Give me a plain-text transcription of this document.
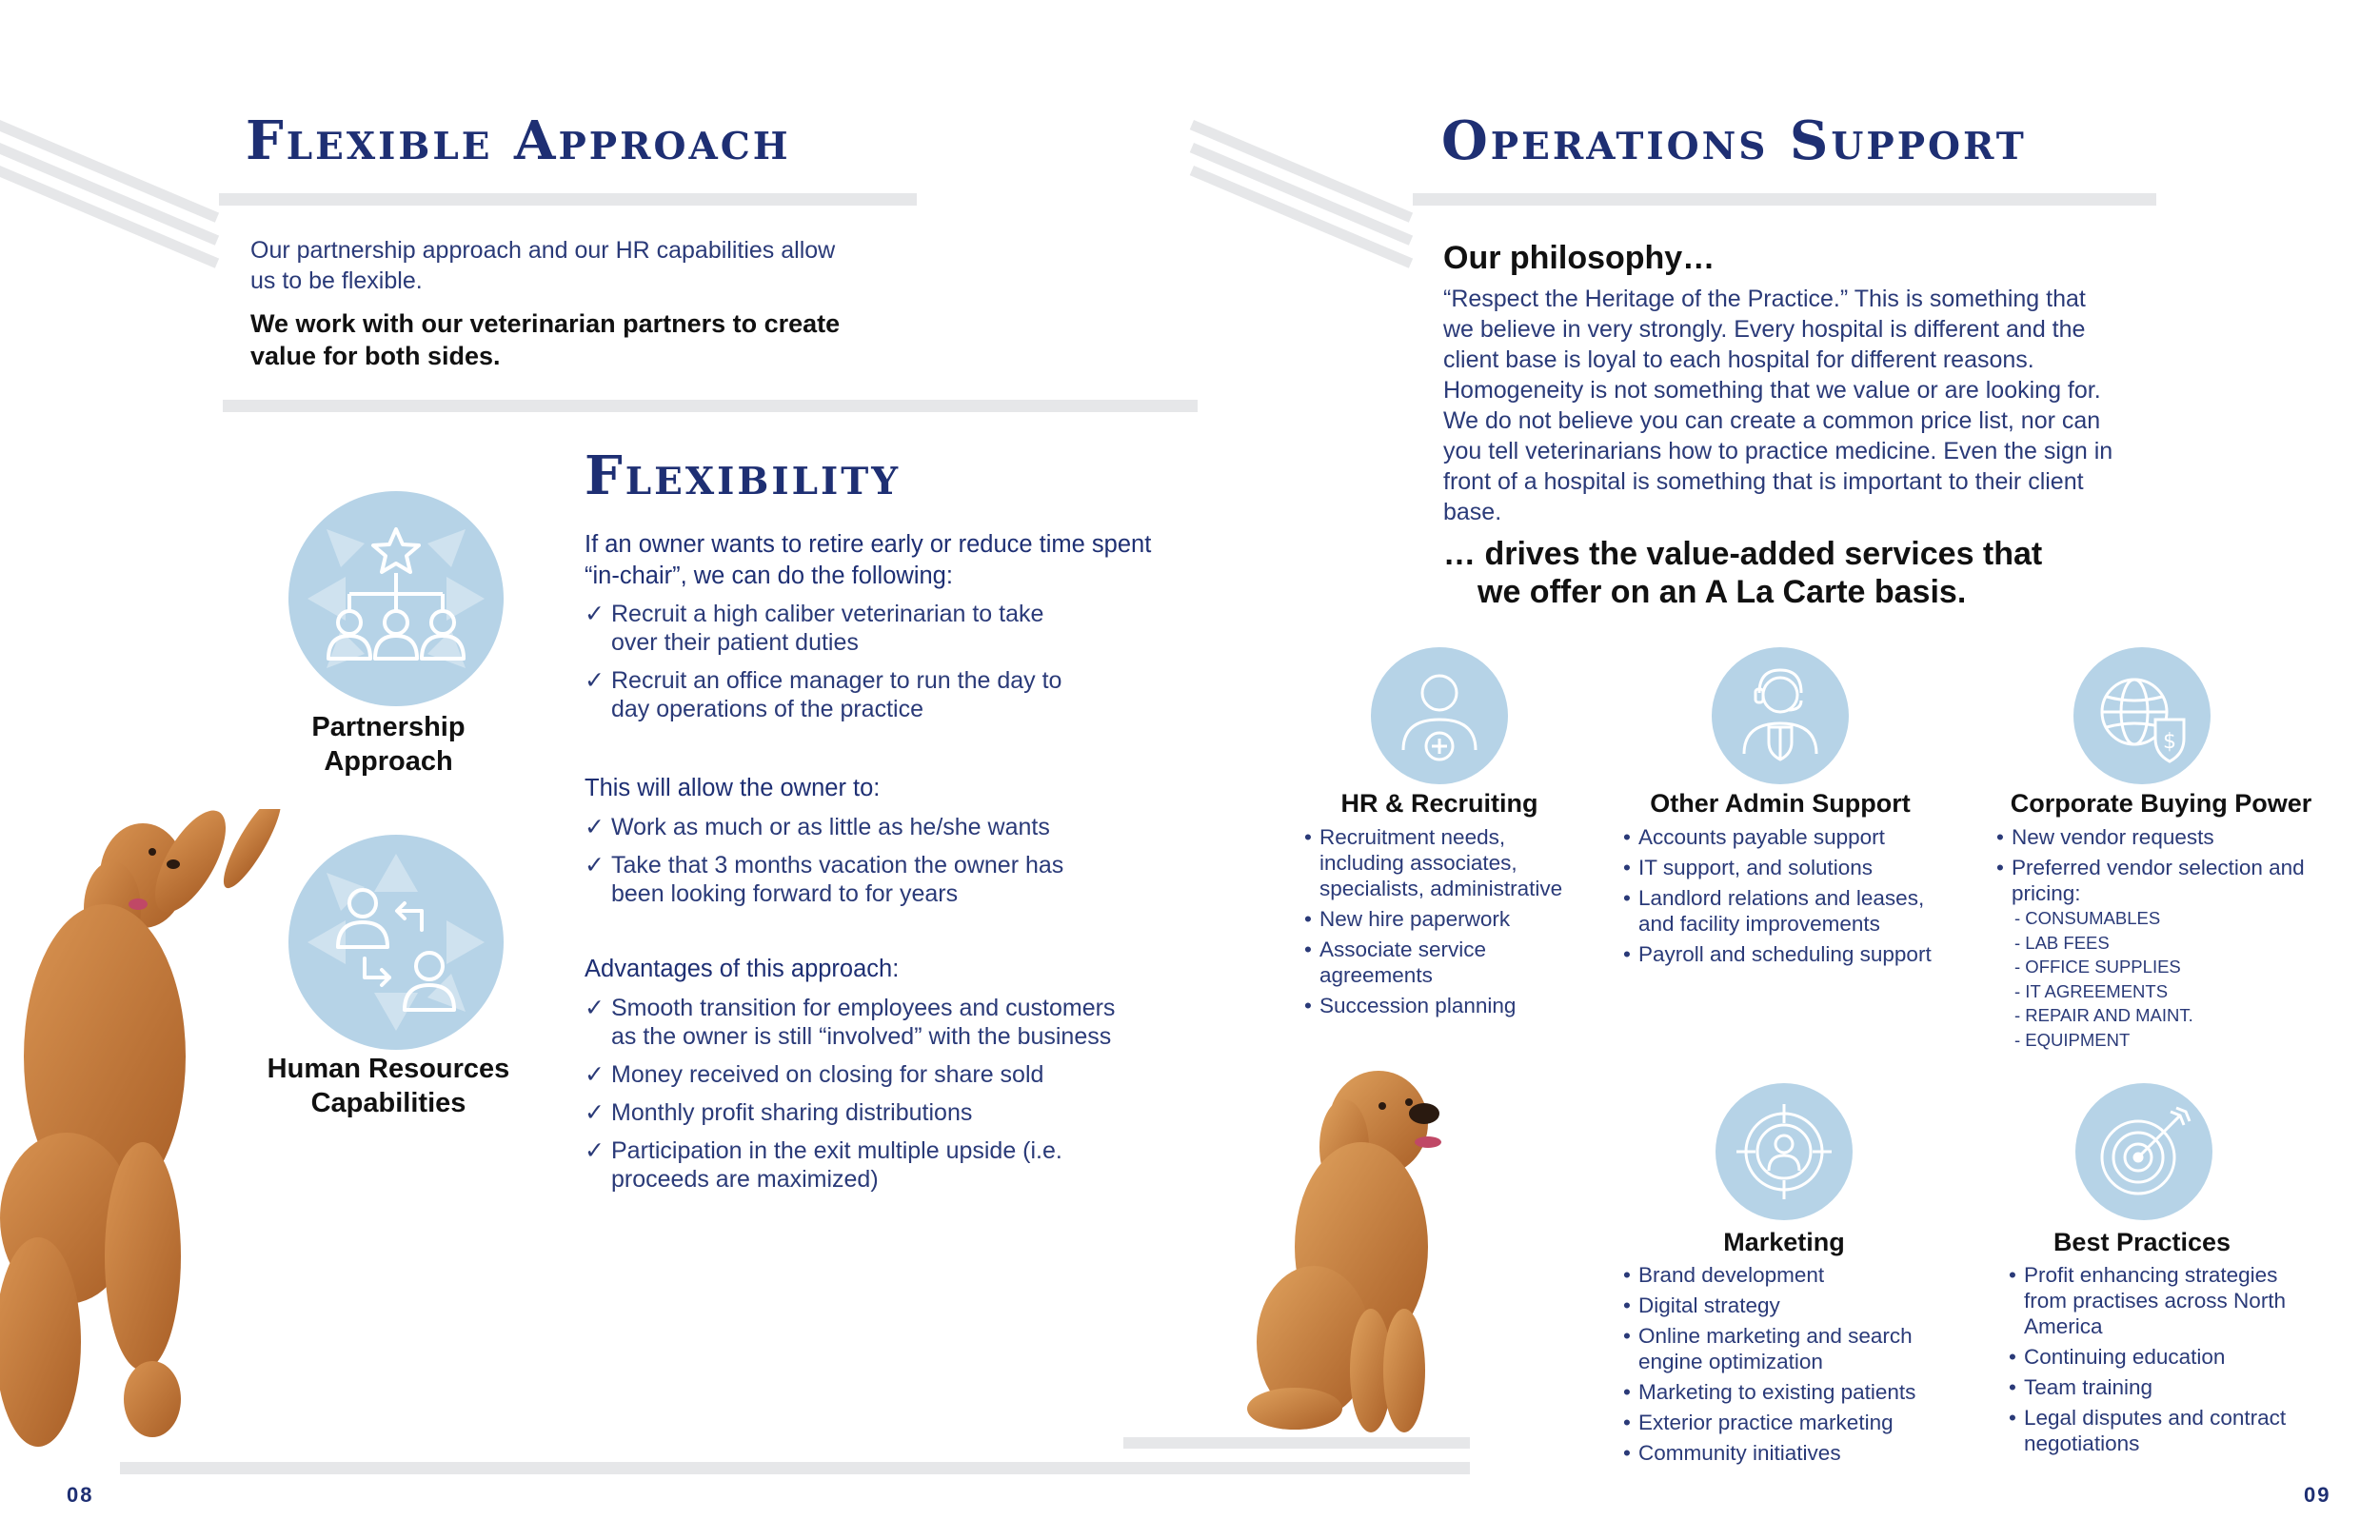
Flexible Approach
Our partnership approach and our HR capabilities allow us to be flexible.
We work with our veterinarian partners to create value for both sides.
Partnership
Approach
Human Resources
Capabilities
Flexibility
If an owner wants to retire early or reduce time spent “in-chair”, we can do the following:
✓ Recruit a high caliber veterinarian to take over their patient duties
✓ Recruit an office manager to run the day to day operations of the practice
This will allow the owner to:
✓ Work as much or as little as he/she wants
✓ Take that 3 months vacation the owner has been looking forward to for years
Advantages of this approach:
✓ Smooth transition for employees and customers as the owner is still “involved” with the business
✓ Money received on closing for share sold
✓ Monthly profit sharing distributions
✓ Participation in the exit multiple upside (i.e. proceeds are maximized)
08
Operations Support
Our philosophy…
“Respect the Heritage of the Practice.” This is something that we believe in very strongly. Every hospital is different and the client base is loyal to each hospital for different reasons. Homogeneity is not something that we value or are looking for. We do not believe you can create a common price list, nor can you tell veterinarians how to practice medicine. Even the sign in front of a hospital is something that is important to their client base.
… drives the value-added services that
we offer on an A La Carte basis.
HR & Recruiting
• Recruitment needs, including associates, specialists, administrative
• New hire paperwork
• Associate service agreements
• Succession planning
Other Admin Support
• Accounts payable support
• IT support, and solutions
• Landlord relations and leases, and facility improvements
• Payroll and scheduling support
$
Corporate Buying Power
• New vendor requests
• Preferred vendor selection and pricing:
- CONSUMABLES
- LAB FEES
- OFFICE SUPPLIES
- IT AGREEMENTS
- REPAIR AND MAINT.
- EQUIPMENT
Marketing
• Brand development
• Digital strategy
• Online marketing and search engine optimization
• Marketing to existing patients
• Exterior practice marketing
• Community initiatives
Best Practices
• Profit enhancing strategies from practises across North America
• Continuing education
• Team training
• Legal disputes and contract negotiations
09
